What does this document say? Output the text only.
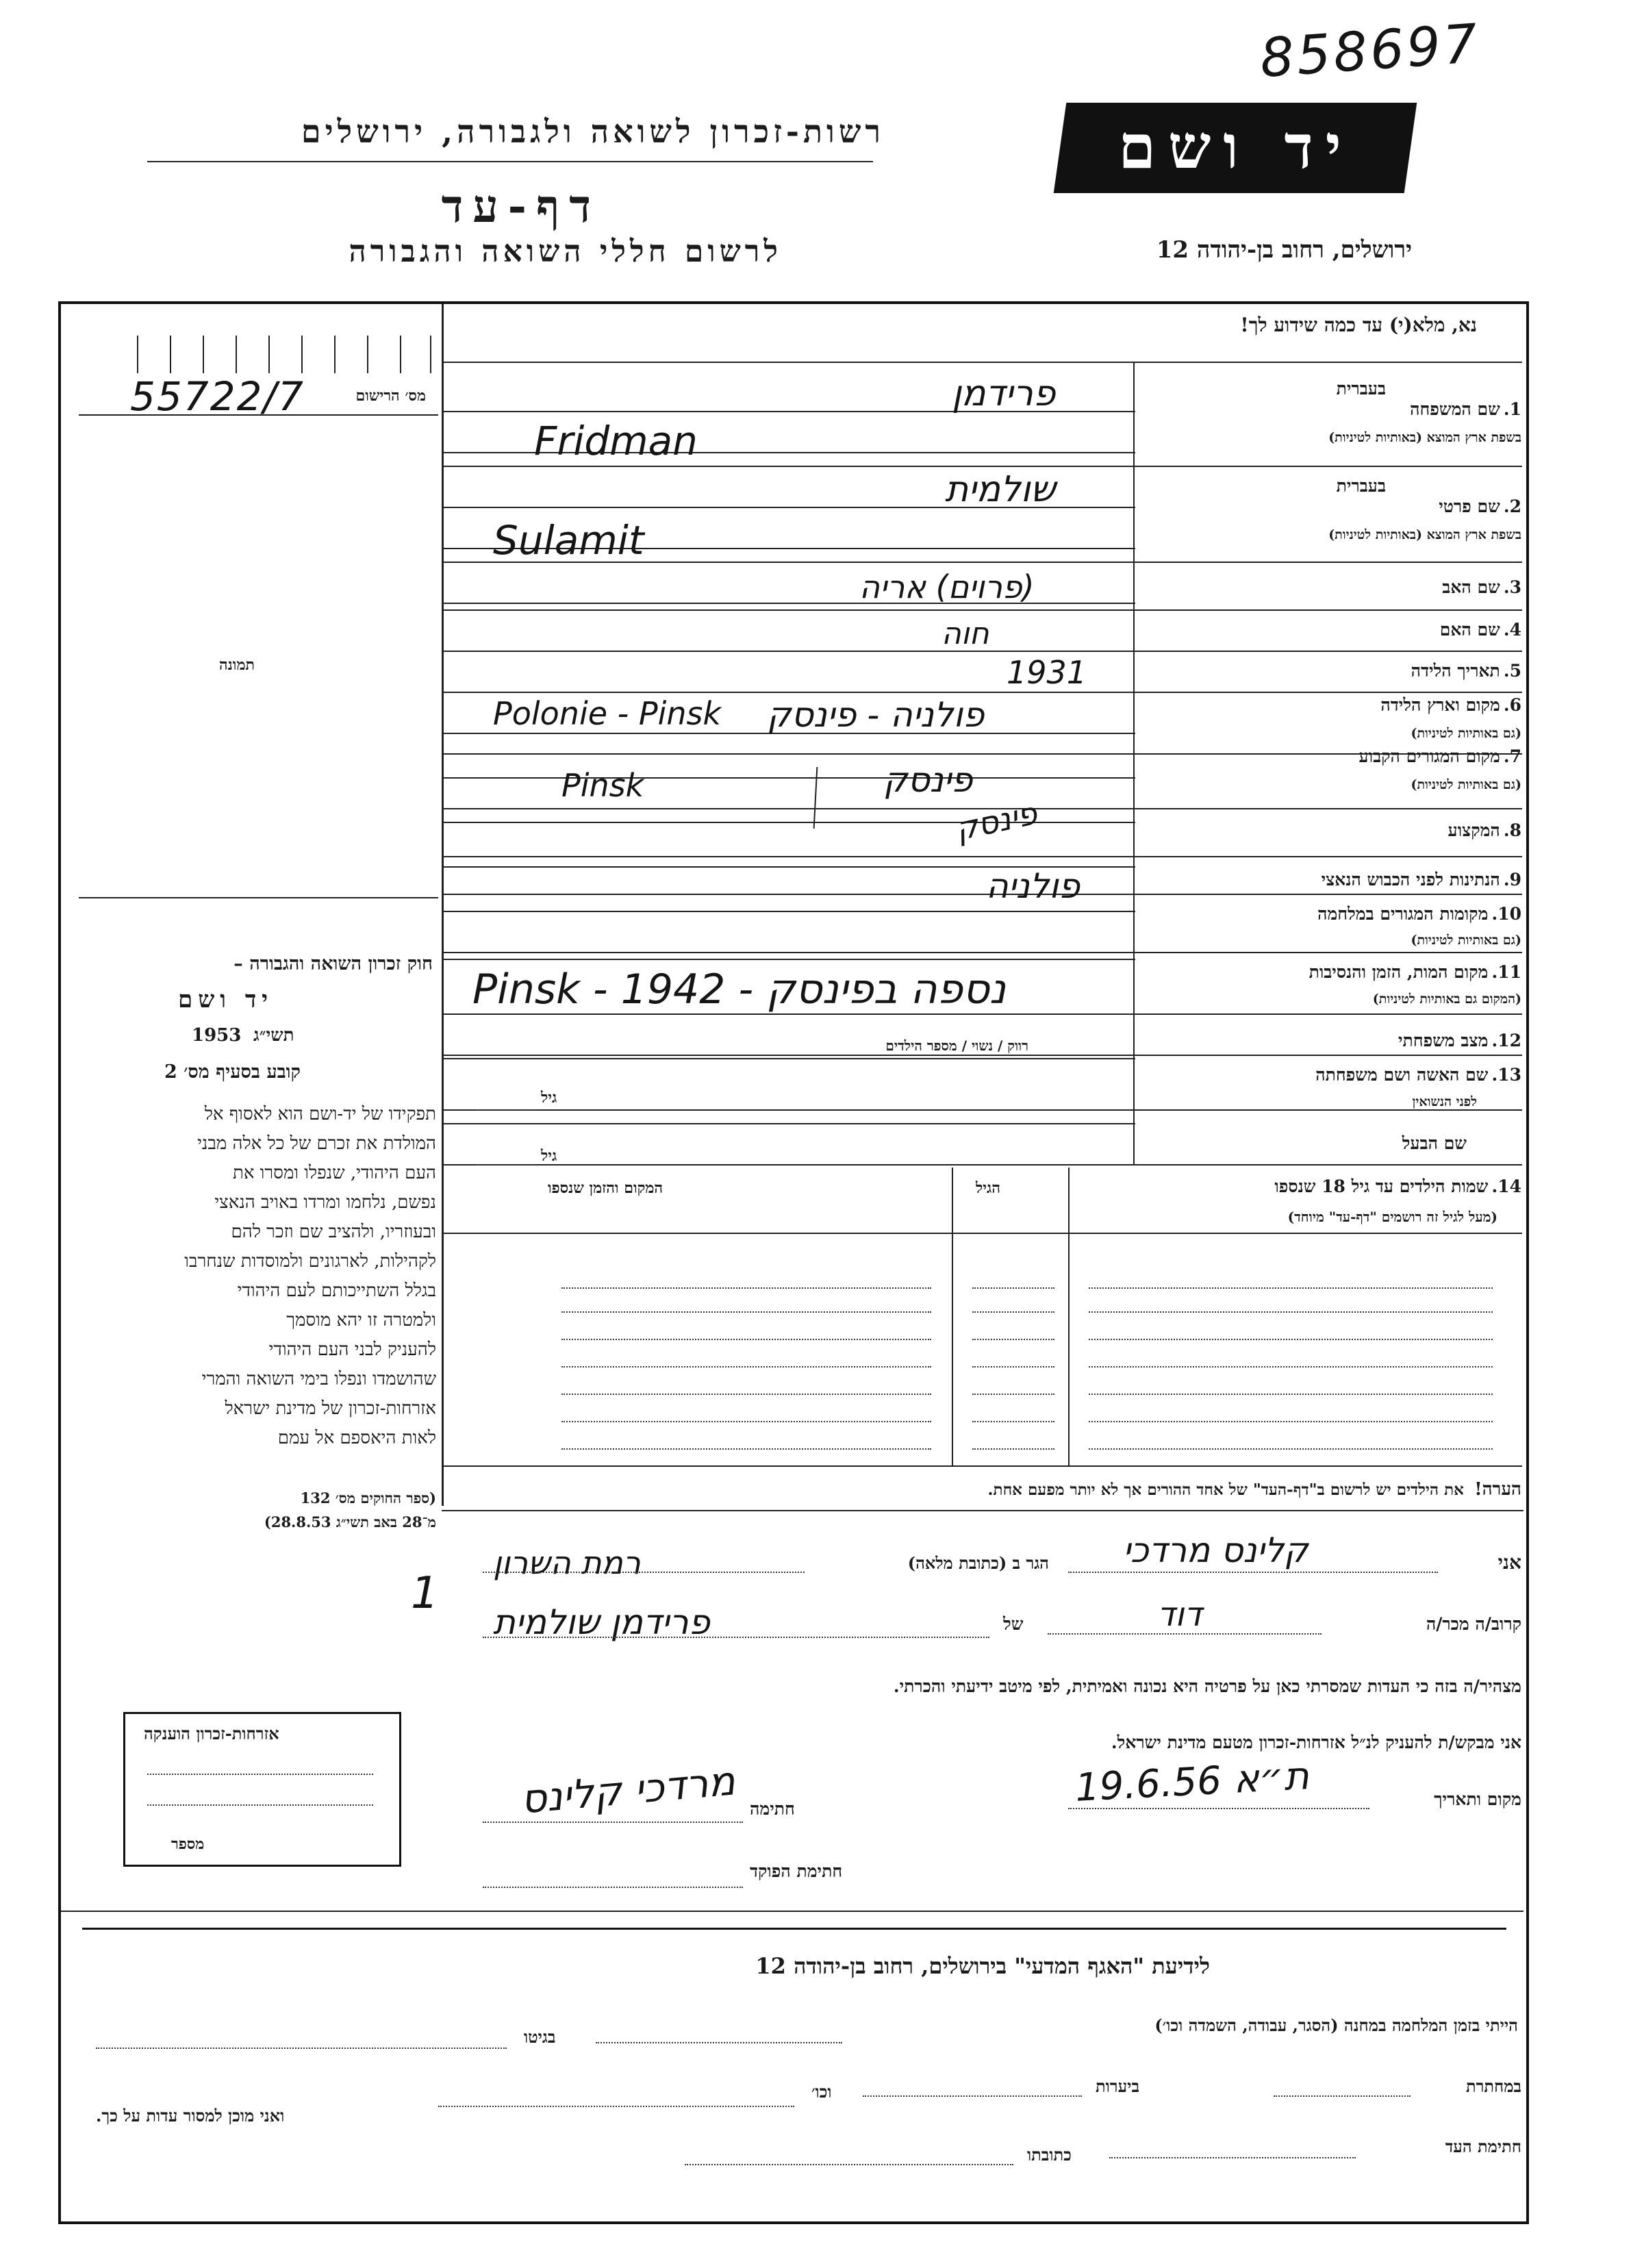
858697
רשות-זכרון לשואה ולגבורה, ירושלים
דף-עד
לרשום חללי השואה והגבורה
יד ושם
ירושלים, רחוב בן-יהודה 12
נא, מלא(י) עד כמה שידוע לך!
מס׳ הרישום
55722/7
תמונה
חוק זכרון השואה והגבורה –
יד ושם
תשי״ג
1953
קובע בסעיף מס׳ 2
תפקידו של יד-ושם הוא לאסוף אל
המולדת את זכרם של כל אלה מבני
העם היהודי, שנפלו ומסרו את
נפשם, נלחמו ומרדו באויב הנאצי
ובעוזריו, ולהציב שם וזכר להם
לקהילות, לארגונים ולמוסדות שנחרבו
בגלל השתייכותם לעם היהודי
ולמטרה זו יהא מוסמך
להעניק לבני העם היהודי
שהושמדו ונפלו בימי השואה והמרי
אזרחות-זכרון של מדינת ישראל
לאות היאספם אל עמם
(ספר החוקים מס׳ 132
מ־28 באב תשי״ג 28.8.53)
1. שם המשפחה
בעברית
בשפת ארץ המוצא (באותיות לטיניות)
פרידמן
Fridman
2. שם פרטי
בעברית
בשפת ארץ המוצא (באותיות לטיניות)
שולמית
Sulamit
3. שם האב
(פרוים) אריה
4. שם האם
חוה
5. תאריך הלידה
1931
6. מקום וארץ הלידה
(גם באותיות לטיניות)
פולניה - פינסק
Polonie - Pinsk
7. מקום המגורים הקבוע
(גם באותיות לטיניות)
פינסק
Pinsk
8. המקצוע
פינסק
9. הנתינות לפני הכבוש הנאצי
פולניה
10. מקומות המגורים במלחמה
(גם באותיות לטיניות)
11. מקום המות, הזמן והנסיבות
(המקום גם באותיות לטיניות)
נספה בפינסק - 1942 - Pinsk
12. מצב משפחתי
רווק / נשוי / מספר הילדים
13. שם האשה ושם משפחתה
לפני הנשואין
גיל
שם הבעל
גיל
14. שמות הילדים עד גיל 18 שנספו
(מעל לגיל זה רושמים "דף-עד" מיוחד)
הגיל
המקום והזמן שנספו
הערה!   את הילדים יש לרשום ב"דף-העד" של אחד ההורים אך לא יותר מפעם אחת.
1
אני
קלינס מרדכי
הגר ב (כתובת מלאה)
רמת השרון
קרוב/ה מכר/ה
דוד
של
פרידמן שולמית
מצהיר/ה בזה כי העדות שמסרתי כאן על פרטיה היא נכונה ואמיתית, לפי מיטב ידיעתי והכרתי.
אני מבקש/ת להעניק לנ״ל אזרחות-זכרון מטעם מדינת ישראל.
מקום ותאריך
ת״א 19.6.56
חתימה
מרדכי קלינס
חתימת הפוקד
אזרחות-זכרון הוענקה
מספר
לידיעת "האגף המדעי" בירושלים, רחוב בן-יהודה 12
הייתי בזמן המלחמה במחנה (הסגר, עבודה, השמדה וכו׳)
בגיטו
במחתרת
ביערות
וכו׳
ואני מוכן למסור עדות על כך.
חתימת העד
כתובתו
